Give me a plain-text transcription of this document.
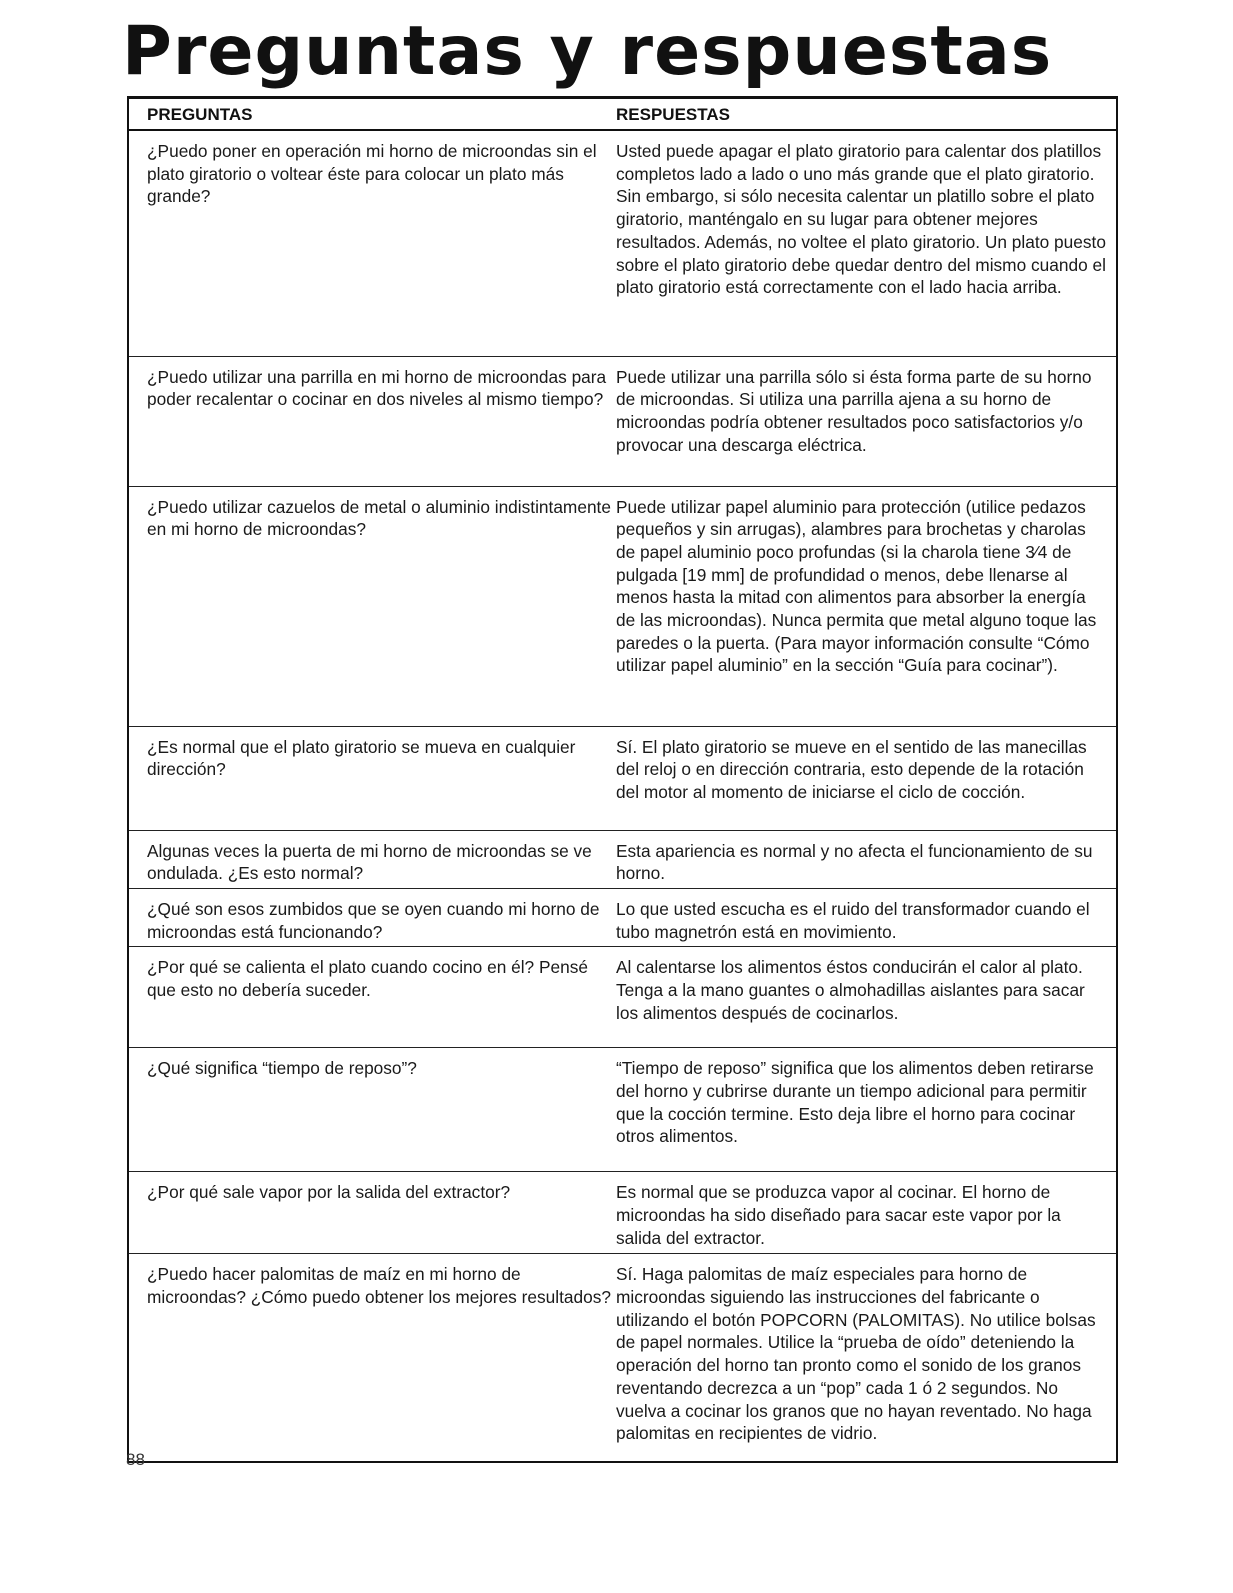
Preguntas y respuestas
PREGUNTAS	RESPUESTAS
¿Puedo poner en operación mi horno de microondas sin el plato giratorio o voltear éste para colocar un plato más grande?	Usted puede apagar el plato giratorio para calentar dos platillos completos lado a lado o uno más grande que el plato giratorio. Sin embargo, si sólo necesita calentar un platillo sobre el plato giratorio, manténgalo en su lugar para obtener mejores resultados. Además, no voltee el plato giratorio. Un plato puesto sobre el plato giratorio debe quedar dentro del mismo cuando el plato giratorio está correctamente con el lado hacia arriba.
¿Puedo utilizar una parrilla en mi horno de microondas para poder recalentar o cocinar en dos niveles al mismo tiempo?	Puede utilizar una parrilla sólo si ésta forma parte de su horno de microondas. Si utiliza una parrilla ajena a su horno de microondas podría obtener resultados poco satisfactorios y/o provocar una descarga eléctrica.
¿Puedo utilizar cazuelos de metal o aluminio indistintamente en mi horno de microondas?	Puede utilizar papel aluminio para protección (utilice pedazos pequeños y sin arrugas), alambres para brochetas y charolas de papel aluminio poco profundas (si la charola tiene 3⁄4 de pulgada [19 mm] de profundidad o menos, debe llenarse al menos hasta la mitad con alimentos para absorber la energía de las microondas). Nunca permita que metal alguno toque las paredes o la puerta. (Para mayor información consulte “Cómo utilizar papel aluminio” en la sección “Guía para cocinar”).
¿Es normal que el plato giratorio se mueva en cualquier dirección?	Sí. El plato giratorio se mueve en el sentido de las manecillas del reloj o en dirección contraria, esto depende de la rotación del motor al momento de iniciarse el ciclo de cocción.
Algunas veces la puerta de mi horno de microondas se ve ondulada. ¿Es esto normal?	Esta apariencia es normal y no afecta el funcionamiento de su horno.
¿Qué son esos zumbidos que se oyen cuando mi horno de microondas está funcionando?	Lo que usted escucha es el ruido del transformador cuando el tubo magnetrón está en movimiento.
¿Por qué se calienta el plato cuando cocino en él? Pensé que esto no debería suceder.	Al calentarse los alimentos éstos conducirán el calor al plato. Tenga a la mano guantes o almohadillas aislantes para sacar los alimentos después de cocinarlos.
¿Qué significa “tiempo de reposo”?	“Tiempo de reposo” significa que los alimentos deben retirarse del horno y cubrirse durante un tiempo adicional para permitir que la cocción termine. Esto deja libre el horno para cocinar otros alimentos.
¿Por qué sale vapor por la salida del extractor?	Es normal que se produzca vapor al cocinar. El horno de microondas ha sido diseñado para sacar este vapor por la salida del extractor.
¿Puedo hacer palomitas de maíz en mi horno de microondas? ¿Cómo puedo obtener los mejores resultados?	Sí. Haga palomitas de maíz especiales para horno de microondas siguiendo las instrucciones del fabricante o utilizando el botón POPCORN (PALOMITAS). No utilice bolsas de papel normales. Utilice la “prueba de oído” deteniendo la operación del horno tan pronto como el sonido de los granos reventando decrezca a un “pop” cada 1 ó 2 segundos. No vuelva a cocinar los granos que no hayan reventado. No haga palomitas en recipientes de vidrio.
88
